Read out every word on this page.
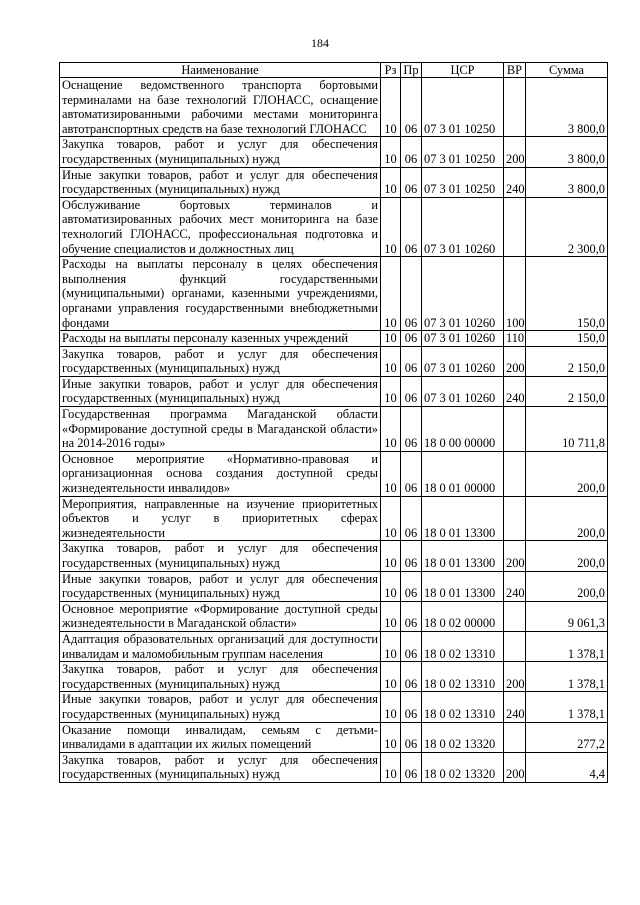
184
Наименование	Рз	Пр	ЦСР	ВР	Сумма
Оснащение ведомственного транспорта бортовыми терминалами на базе технологий ГЛОНАСС, оснащение автоматизированными рабочими местами мониторинга автотранспортных средств на базе технологий ГЛОНАСС	10	06	07 3 01 10250		3 800,0
Закупка товаров, работ и услуг для обеспечения государственных (муниципальных) нужд	10	06	07 3 01 10250	200	3 800,0
Иные закупки товаров, работ и услуг для обеспечения государственных (муниципальных) нужд	10	06	07 3 01 10250	240	3 800,0
Обслуживание бортовых терминалов и автоматизированных рабочих мест мониторинга на базе технологий ГЛОНАСС, профессиональная подготовка и обучение специалистов и должностных лиц	10	06	07 3 01 10260		2 300,0
Расходы на выплаты персоналу в целях обеспечения выполнения функций государственными (муниципальными) органами, казенными учреждениями, органами управления государственными внебюджетными фондами	10	06	07 3 01 10260	100	150,0
Расходы на выплаты персоналу казенных учреждений	10	06	07 3 01 10260	110	150,0
Закупка товаров, работ и услуг для обеспечения государственных (муниципальных) нужд	10	06	07 3 01 10260	200	2 150,0
Иные закупки товаров, работ и услуг для обеспечения государственных (муниципальных) нужд	10	06	07 3 01 10260	240	2 150,0
Государственная программа Магаданской области «Формирование доступной среды в Магаданской области» на 2014-2016 годы»	10	06	18 0 00 00000		10 711,8
Основное мероприятие «Нормативно-правовая и организационная основа создания доступной среды жизнедеятельности инвалидов»	10	06	18 0 01 00000		200,0
Мероприятия, направленные на изучение приоритетных объектов и услуг в приоритетных сферах жизнедеятельности	10	06	18 0 01 13300		200,0
Закупка товаров, работ и услуг для обеспечения государственных (муниципальных) нужд	10	06	18 0 01 13300	200	200,0
Иные закупки товаров, работ и услуг для обеспечения государственных (муниципальных) нужд	10	06	18 0 01 13300	240	200,0
Основное мероприятие «Формирование доступной среды жизнедеятельности в Магаданской области»	10	06	18 0 02 00000		9 061,3
Адаптация образовательных организаций для доступности инвалидам и маломобильным группам населения	10	06	18 0 02 13310		1 378,1
Закупка товаров, работ и услуг для обеспечения государственных (муниципальных) нужд	10	06	18 0 02 13310	200	1 378,1
Иные закупки товаров, работ и услуг для обеспечения государственных (муниципальных) нужд	10	06	18 0 02 13310	240	1 378,1
Оказание помощи инвалидам, семьям с детьми-инвалидами в адаптации их жилых помещений	10	06	18 0 02 13320		277,2
Закупка товаров, работ и услуг для обеспечения государственных (муниципальных) нужд	10	06	18 0 02 13320	200	4,4
